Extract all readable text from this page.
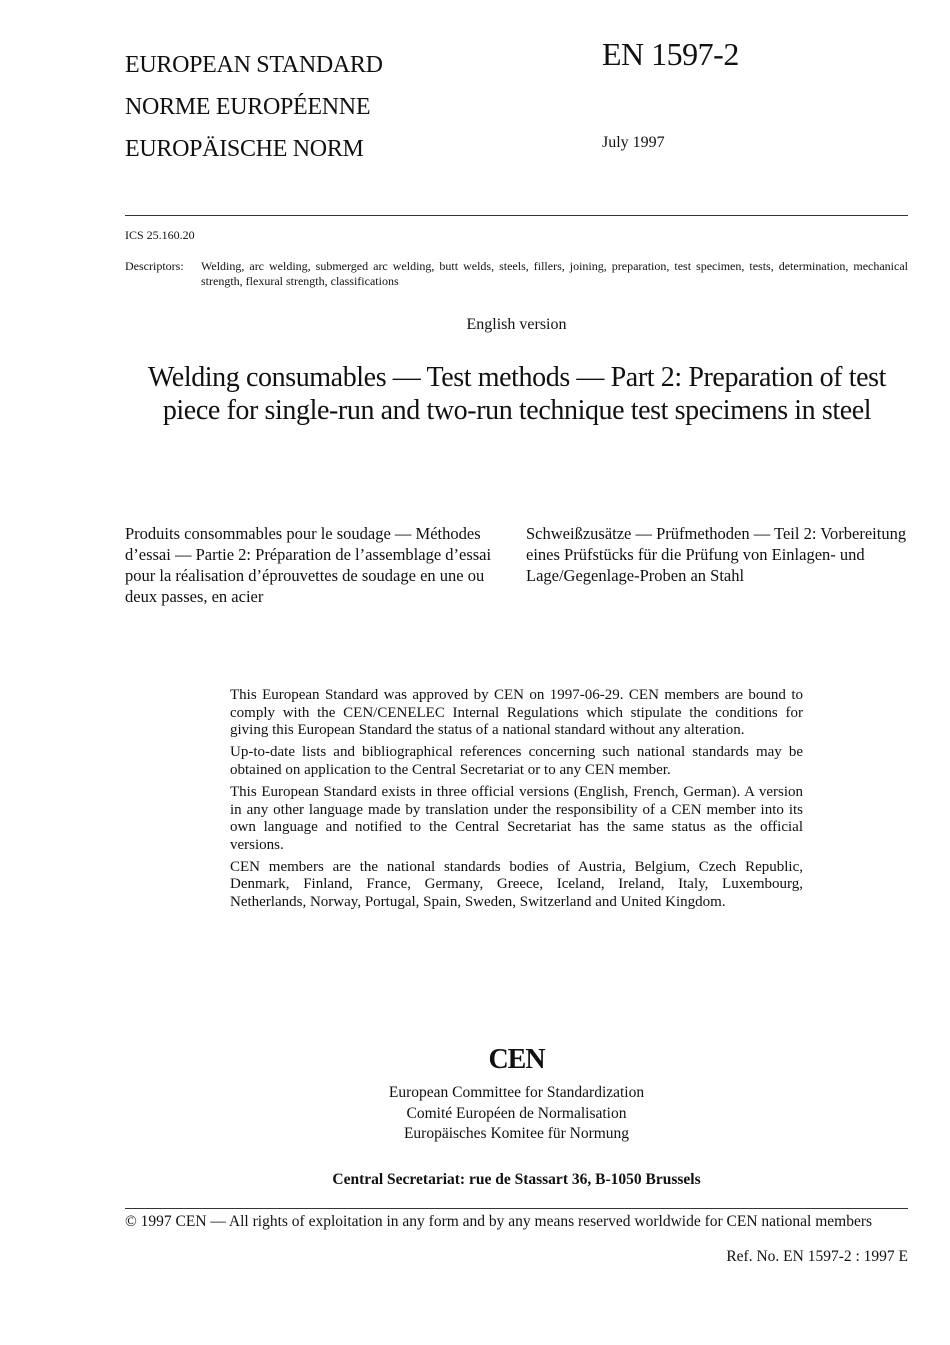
EUROPEAN STANDARD
NORME EUROPÉENNE
EUROPÄISCHE NORM
EN 1597-2
July 1997
ICS 25.160.20
Descriptors:	Welding, arc welding, submerged arc welding, butt welds, steels, fillers, joining, preparation, test specimen, tests, determination, mechanical strength, flexural strength, classifications
English version
Welding consumables — Test methods — Part 2: Preparation of test piece for single-run and two-run technique test specimens in steel
Produits consommables pour le soudage — Méthodes d’essai — Partie 2: Préparation de l’assemblage d’essai pour la réalisation d’éprouvettes de soudage en une ou deux passes, en acier
Schweißzusätze — Prüfmethoden — Teil 2: Vorbereitung eines Prüfstücks für die Prüfung von Einlagen- und Lage/Gegenlage-Proben an Stahl

This European Standard was approved by CEN on 1997-06-29. CEN members are bound to comply with the CEN/CENELEC Internal Regulations which stipulate the conditions for giving this European Standard the status of a national standard without any alteration.

Up-to-date lists and bibliographical references concerning such national standards may be obtained on application to the Central Secretariat or to any CEN member.

This European Standard exists in three official versions (English, French, German). A version in any other language made by translation under the responsibility of a CEN member into its own language and notified to the Central Secretariat has the same status as the official versions.

CEN members are the national standards bodies of Austria, Belgium, Czech Republic, Denmark, Finland, France, Germany, Greece, Iceland, Ireland, Italy, Luxembourg, Netherlands, Norway, Portugal, Spain, Sweden, Switzerland and United Kingdom.

CEN
European Committee for Standardization
Comité Européen de Normalisation
Europäisches Komitee für Normung
Central Secretariat: rue de Stassart 36, B-1050 Brussels
© 1997 CEN — All rights of exploitation in any form and by any means reserved worldwide for CEN national members
Ref. No. EN 1597-2 : 1997 E
